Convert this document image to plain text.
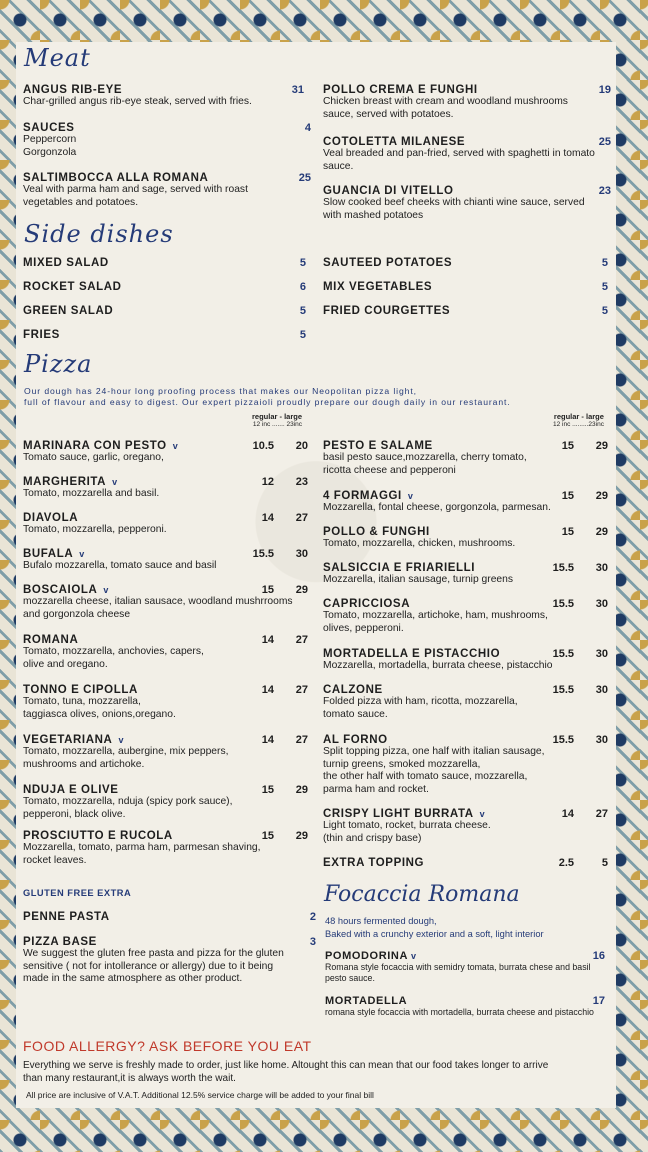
Meat
ANGUS RIB-EYE	31
Char-grilled angus rib-eye steak, served with fries.
SAUCES	4
Peppercorn
Gorgonzola
SALTIMBOCCA ALLA ROMANA	25
Veal with parma ham and sage, served with roast vegetables and potatoes.
POLLO CREMA E FUNGHI	19
Chicken breast with cream and woodland mushrooms sauce, served with potatoes.
COTOLETTA MILANESE	25
Veal breaded and pan-fried, served with spaghetti in tomato sauce.
GUANCIA DI VITELLO	23
Slow cooked beef cheeks with chianti wine sauce, served with mashed potatoes
Side dishes
MIXED SALAD	5
ROCKET SALAD	6
GREEN SALAD	5
FRIES	5
SAUTEED POTATOES	5
MIX VEGETABLES	5
FRIED COURGETTES	5
Pizza
Our dough has 24-hour long proofing process that makes our Neopolitan pizza light,
full of flavour and easy to digest. Our expert pizzaioli proudly prepare our dough daily in our restaurant.
regular - large
12 inc ....... 23inc
regular - large
12 inc .........23inc
MARINARA CON PESTO v	10.5 20
Tomato sauce, garlic, oregano,
MARGHERITA v	12 23
Tomato, mozzarella and basil.
DIAVOLA	14 27
Tomato, mozzarella, pepperoni.
BUFALA v	15.5 30
Bufalo mozzarella, tomato sauce and basil
BOSCAIOLA v	15 29
mozzarella cheese, italian sausace, woodland mushrrooms and gorgonzola cheese
ROMANA	14 27
Tomato, mozzarella, anchovies, capers,
olive and oregano.
TONNO E CIPOLLA	14 27
Tomato, tuna, mozzarella,
taggiasca olives, onions,oregano.
VEGETARIANA v	14 27
Tomato, mozzarella, aubergine, mix peppers,
mushrooms and artichoke.
NDUJA E OLIVE	15 29
Tomato, mozzarella, nduja (spicy pork sauce),
pepperoni, black olive.
PROSCIUTTO E RUCOLA	15 29
Mozzarella, tomato, parma ham, parmesan shaving,
rocket leaves.
PESTO E SALAME	15 29
basil pesto sauce,mozzarella, cherry tomato,
ricotta cheese and pepperoni
4 FORMAGGI v	15 29
Mozzarella, fontal cheese, gorgonzola, parmesan.
POLLO & FUNGHI	15 29
Tomato, mozzarella, chicken, mushrooms.
SALSICCIA E FRIARIELLI	15.5 30
Mozzarella, italian sausage, turnip greens
CAPRICCIOSA	15.5 30
Tomato, mozzarella, artichoke, ham, mushrooms,
olives, pepperoni.
MORTADELLA E PISTACCHIO	15.5 30
Mozzarella, mortadella, burrata cheese, pistacchio
CALZONE	15.5 30
Folded pizza with ham, ricotta, mozzarella,
tomato sauce.
AL FORNO	15.5 30
Split topping pizza, one half with italian sausage,
turnip greens, smoked mozzarella,
the other half with tomato sauce, mozzarella,
parma ham and rocket.
CRISPY LIGHT BURRATA v	14 27
Light tomato, rocket, burrata cheese.
(thin and crispy base)
EXTRA TOPPING	2.5	5
GLUTEN FREE EXTRA
PENNE PASTA	2
PIZZA BASE	3
We suggest the gluten free pasta and pizza for the gluten sensitive ( not for intollerance or allergy) due to it being made in the same atmosphere as other product.
Focaccia Romana
48 hours fermented dough,
Baked with a crunchy exterior and a soft, light interior
POMODORINA v	16
Romana style focaccia with semidry tomata, burrata chese and basil pesto sauce.
MORTADELLA	17
romana style focaccia with mortadella, burrata cheese and pistacchio
FOOD ALLERGY? ASK BEFORE YOU EAT
Everything we serve is freshly made to order, just like home. Altought this can mean that our food takes longer to arrive than many restaurant,it is always worth the wait.
All price are inclusive of V.A.T. Additional 12.5% service charge will be added to your final bill
